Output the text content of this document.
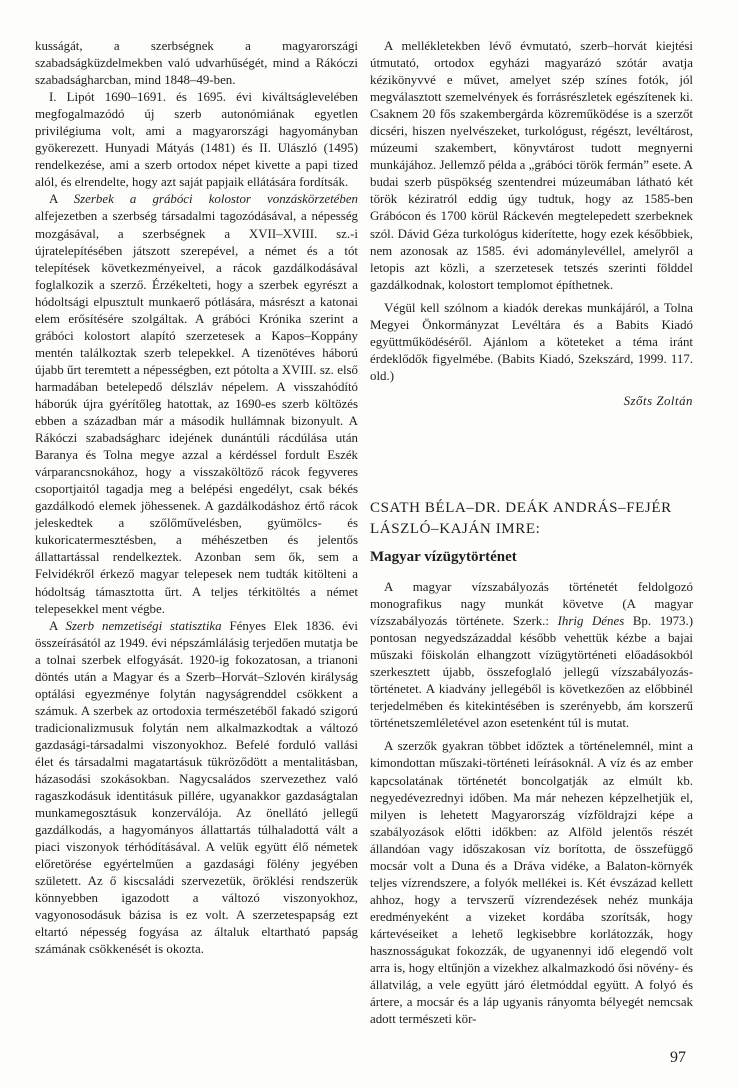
kusságát, a szerbségnek a magyarországi szabadságküzdelmekben való udvarhűségét, mind a Rákóczi szabadságharcban, mind 1848–49-ben.

I. Lipót 1690–1691. és 1695. évi kiváltságlevelében megfogalmazódó új szerb autonómiának egyetlen privilégiuma volt, ami a magyarországi hagyományban gyökerezett. Hunyadi Mátyás (1481) és II. Ulászló (1495) rendelkezése, ami a szerb ortodox népet kivette a papi tized alól, és elrendelte, hogy azt saját papjaik ellátására fordítsák.

A Szerbek a grábóci kolostor vonzáskörzetében alfejezetben a szerbség társadalmi tagozódásával, a népesség mozgásával, a szerbségnek a XVII–XVIII. sz.-i újratelepítésében játszott szerepével, a német és a tót telepítések következményeivel, a rácok gazdálkodásával foglalkozik a szerző. Érzékelteti, hogy a szerbek egyrészt a hódoltsági elpusztult munkaerő pótlására, másrészt a katonai elem erősítésére szolgáltak. A grábóci Krónika szerint a grábóci kolostort alapító szerzetesek a Kapos–Koppány mentén találkoztak szerb telepekkel. A tizenötéves háború újabb űrt teremtett a népességben, ezt pótolta a XVIII. sz. első harmadában betelepedő délszláv népelem. A visszahódító háborúk újra gyérítőleg hatottak, az 1690-es szerb költözés ebben a században már a második hullámnak bizonyult. A Rákóczi szabadságharc idejének dunántúli rácdúlása után Baranya és Tolna megye azzal a kérdéssel fordult Eszék várparancsnokához, hogy a visszaköltöző rácok fegyveres csoportjaitól tagadja meg a belépési engedélyt, csak békés gazdálkodó elemek jöhessenek. A gazdálkodáshoz értő rácok jeleskedtek a szőlőművelésben, gyümölcs- és kukoricatermesztésben, a méhészetben és jelentős állattartással rendelkeztek. Azonban sem ők, sem a Felvidékről érkező magyar telepesek nem tudták kitölteni a hódoltság támasztotta űrt. A teljes térkitöltés a német telepesekkel ment végbe.

A Szerb nemzetiségi statisztika Fényes Elek 1836. évi összeírásától az 1949. évi népszámlálásig terjedően mutatja be a tolnai szerbek elfogyását. 1920-ig fokozatosan, a trianoni döntés után a Magyar és a Szerb–Horvát–Szlovén királyság optálási egyezménye folytán nagyságrenddel csökkent a számuk. A szerbek az ortodoxia természetéből fakadó szigorú tradicionalizmusuk folytán nem alkalmazkodtak a változó gazdasági-társadalmi viszonyokhoz. Befelé forduló vallási élet és társadalmi magatartásuk tükröződött a mentalitásban, házasodási szokásokban. Nagycsaládos szervezethez való ragaszkodásuk identitásuk pillére, ugyanakkor gazdaságtalan munkamegosztásuk konzerválója. Az önellátó jellegű gazdálkodás, a hagyományos állattartás túlhaladottá vált a piaci viszonyok térhódításával. A velük együtt élő németek előretörése egyértelműen a gazdasági fölény jegyében született. Az ő kiscsaládi szervezetük, öröklési rendszerük könnyebben igazodott a változó viszonyokhoz, vagyonosodásuk bázisa is ez volt. A szerzetespapság ezt eltartó népesség fogyása az általuk eltartható papság számának csökkenését is okozta.

A mellékletekben lévő évmutató, szerb–horvát kiejtési útmutató, ortodox egyházi magyarázó szótár avatja kézikönyvvé e művet, amelyet szép színes fotók, jól megválasztott szemelvények és forrásrészletek egészítenek ki. Csaknem 20 fős szakembergárda közreműködése is a szerzőt dicséri, hiszen nyelvészeket, turkológust, régészt, levéltárost, múzeumi szakembert, könyvtárost tudott megnyerni munkájához. Jellemző példa a „grábóci török fermán” esete. A budai szerb püspökség szentendrei múzeumában látható két török kéziratról eddig úgy tudtuk, hogy az 1585-ben Grábócon és 1700 körül Ráckevén megtelepedett szerbeknek szól. Dávid Géza turkológus kiderítette, hogy ezek későbbiek, nem azonosak az 1585. évi adománylevéllel, amelyről a letopis azt közli, a szerzetesek tetszés szerinti földdel gazdálkodnak, kolostort templomot építhetnek.

Végül kell szólnom a kiadók derekas munkájáról, a Tolna Megyei Önkormányzat Levéltára és a Babits Kiadó együttműködéséről. Ajánlom a köteteket a téma iránt érdeklődők figyelmébe. (Babits Kiadó, Szekszárd, 1999. 117. old.)

Szőts Zoltán

CSATH BÉLA–DR. DEÁK ANDRÁS–FEJÉR LÁSZLÓ–KAJÁN IMRE:

Magyar vízügytörténet

A magyar vízszabályozás történetét feldolgozó monografikus nagy munkát követve (A magyar vízszabályozás története. Szerk.: Ihrig Dénes Bp. 1973.) pontosan negyedszázaddal később vehettük kézbe a bajai műszaki főiskolán elhangzott vízügytörténeti előadásokból szerkesztett újabb, összefoglaló jellegű vízszabályozás-történetet. A kiadvány jellegéből is következően az előbbinél terjedelmében és kitekintésében is szerényebb, ám korszerű történetszemléletével azon esetenként túl is mutat.

A szerzők gyakran többet időztek a történelemnél, mint a kimondottan műszaki-történeti leírásoknál. A víz és az ember kapcsolatának történetét boncolgatják az elmúlt kb. negyedévezrednyi időben. Ma már nehezen képzelhetjük el, milyen is lehetett Magyarország vízföldrajzi képe a szabályozások előtti időkben: az Alföld jelentős részét állandóan vagy időszakosan víz borította, de összefüggő mocsár volt a Duna és a Dráva vidéke, a Balaton-környék teljes vízrendszere, a folyók mellékei is. Két évszázad kellett ahhoz, hogy a tervszerű vízrendezések nehéz munkája eredményeként a vizeket kordába szorítsák, hogy kártevéseiket a lehető legkisebbre korlátozzák, hogy hasznosságukat fokozzák, de ugyanennyi idő elegendő volt arra is, hogy eltűnjön a vizekhez alkalmazkodó ősi növény- és állatvilág, a vele együtt járó életmóddal együtt. A folyó és ártere, a mocsár és a láp ugyanis rányomta bélyegét nemcsak adott természeti kör-

97
